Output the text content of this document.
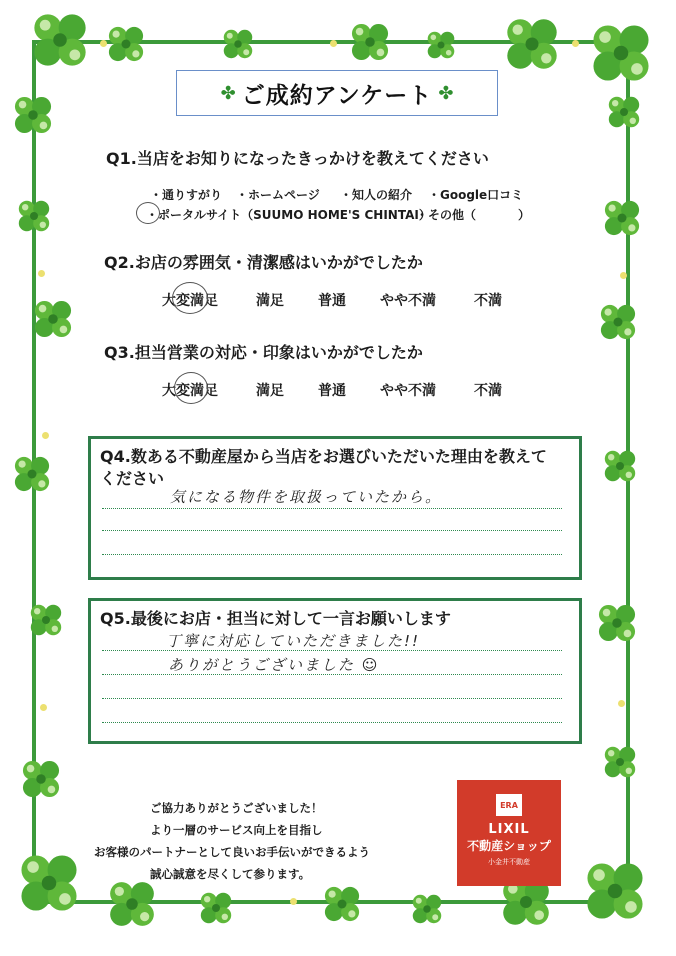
✤ ご成約アンケート ✤
Q1.当店をお知りになったきっかけを教えてください
・通りすがり ・ホームページ ・知人の紹介 ・Google口コミ
・ポータルサイト（SUUMO HOME'S CHINTAI）
・その他（	）
Q2.お店の雰囲気・清潔感はいかがでしたか
大変満足	満足 普通 やや不満	不満
Q3.担当営業の対応・印象はいかがでしたか
大変満足	満足 普通 やや不満	不満
Q4.数ある不動産屋から当店をお選びいただいた理由を教えて
ください
気になる物件を取扱っていたから。
Q5.最後にお店・担当に対して一言お願いします
丁寧に対応していただきました!!
ありがとうございました ☺
ご協力ありがとうございました！
より一層のサービス向上を目指し
お客様のパートナーとして良いお手伝いができるよう
誠心誠意を尽くして参ります。
ERA
LIXIL
不動産ショップ
小金井不動産
